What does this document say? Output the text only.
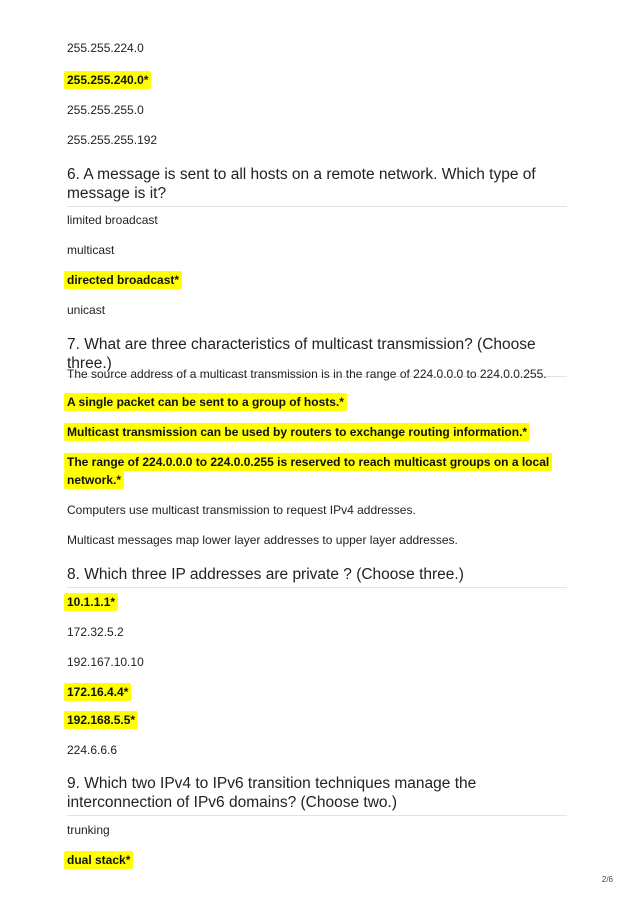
255.255.224.0
255.255.240.0*
255.255.255.0
255.255.255.192
6. A message is sent to all hosts on a remote network. Which type of message is it?
limited broadcast
multicast
directed broadcast*
unicast
7. What are three characteristics of multicast transmission? (Choose three.)
The source address of a multicast transmission is in the range of 224.0.0.0 to 224.0.0.255.
A single packet can be sent to a group of hosts.*
Multicast transmission can be used by routers to exchange routing information.*
The range of 224.0.0.0 to 224.0.0.255 is reserved to reach multicast groups on a local network.*
Computers use multicast transmission to request IPv4 addresses.
Multicast messages map lower layer addresses to upper layer addresses.
8. Which three IP addresses are private ? (Choose three.)
10.1.1.1*
172.32.5.2
192.167.10.10
172.16.4.4*
192.168.5.5*
224.6.6.6
9. Which two IPv4 to IPv6 transition techniques manage the interconnection of IPv6 domains? (Choose two.)
trunking
dual stack*
2/6
